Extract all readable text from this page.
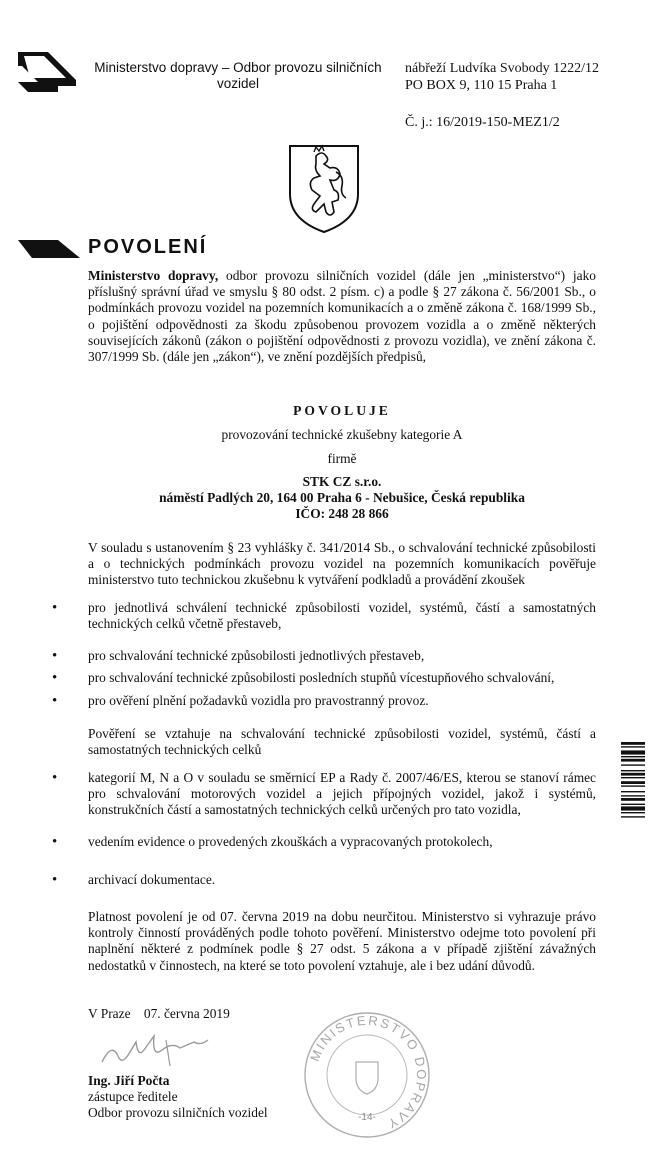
Ministerstvo dopravy – Odbor provozu silničních
vozidel
nábřeží Ludvíka Svobody 1222/12
PO BOX 9, 110 15 Praha 1
Č. j.: 16/2019-150-MEZ1/2
POVOLENÍ
Ministerstvo dopravy, odbor provozu silničních vozidel (dále jen „ministerstvo“) jako příslušný správní úřad ve smyslu § 80 odst. 2 písm. c) a podle § 27 zákona č. 56/2001 Sb., o podmínkách provozu vozidel na pozemních komunikacích a o změně zákona č. 168/1999 Sb., o pojištění odpovědnosti za škodu způsobenou provozem vozidla a o změně některých souvisejících zákonů (zákon o pojištění odpovědnosti z provozu vozidla), ve znění zákona č. 307/1999 Sb. (dále jen „zákon“), ve znění pozdějších předpisů,
POVOLUJE
provozování technické zkušebny kategorie A
firmě
STK CZ s.r.o.
náměstí Padlých 20, 164 00 Praha 6 - Nebušice, Česká republika
IČO: 248 28 866
V souladu s ustanovením § 23 vyhlášky č. 341/2014 Sb., o schvalování technické způsobilosti a o technických podmínkách provozu vozidel na pozemních komunikacích pověřuje ministerstvo tuto technickou zkušebnu k vytváření podkladů a provádění zkoušek
• pro jednotlivá schválení technické způsobilosti vozidel, systémů, částí a samostatných technických celků včetně přestaveb,
• pro schvalování technické způsobilosti jednotlivých přestaveb,
• pro schvalování technické způsobilosti posledních stupňů vícestupňového schvalování,
• pro ověření plnění požadavků vozidla pro pravostranný provoz.
Pověření se vztahuje na schvalování technické způsobilosti vozidel, systémů, částí a samostatných technických celků
• kategorií M, N a O v souladu se směrnicí EP a Rady č. 2007/46/ES, kterou se stanoví rámec pro schvalování motorových vozidel a jejich přípojných vozidel, jakož i systémů, konstrukčních částí a samostatných technických celků určených pro tato vozidla,
• vedením evidence o provedených zkouškách a vypracovaných protokolech,
• archivací dokumentace.
Platnost povolení je od 07. června 2019 na dobu neurčitou. Ministerstvo si vyhrazuje právo kontroly činností prováděných podle tohoto pověření. Ministerstvo odejme toto povolení při naplnění některé z podmínek podle § 27 odst. 5 zákona a v případě zjištění závažných nedostatků v činnostech, na které se toto povolení vztahuje, ale i bez udání důvodů.
V Praze    07. června 2019
Ing. Jiří Počta
zástupce ředitele
Odbor provozu silničních vozidel
MINISTERSTVO DOPRAVY
-14-
